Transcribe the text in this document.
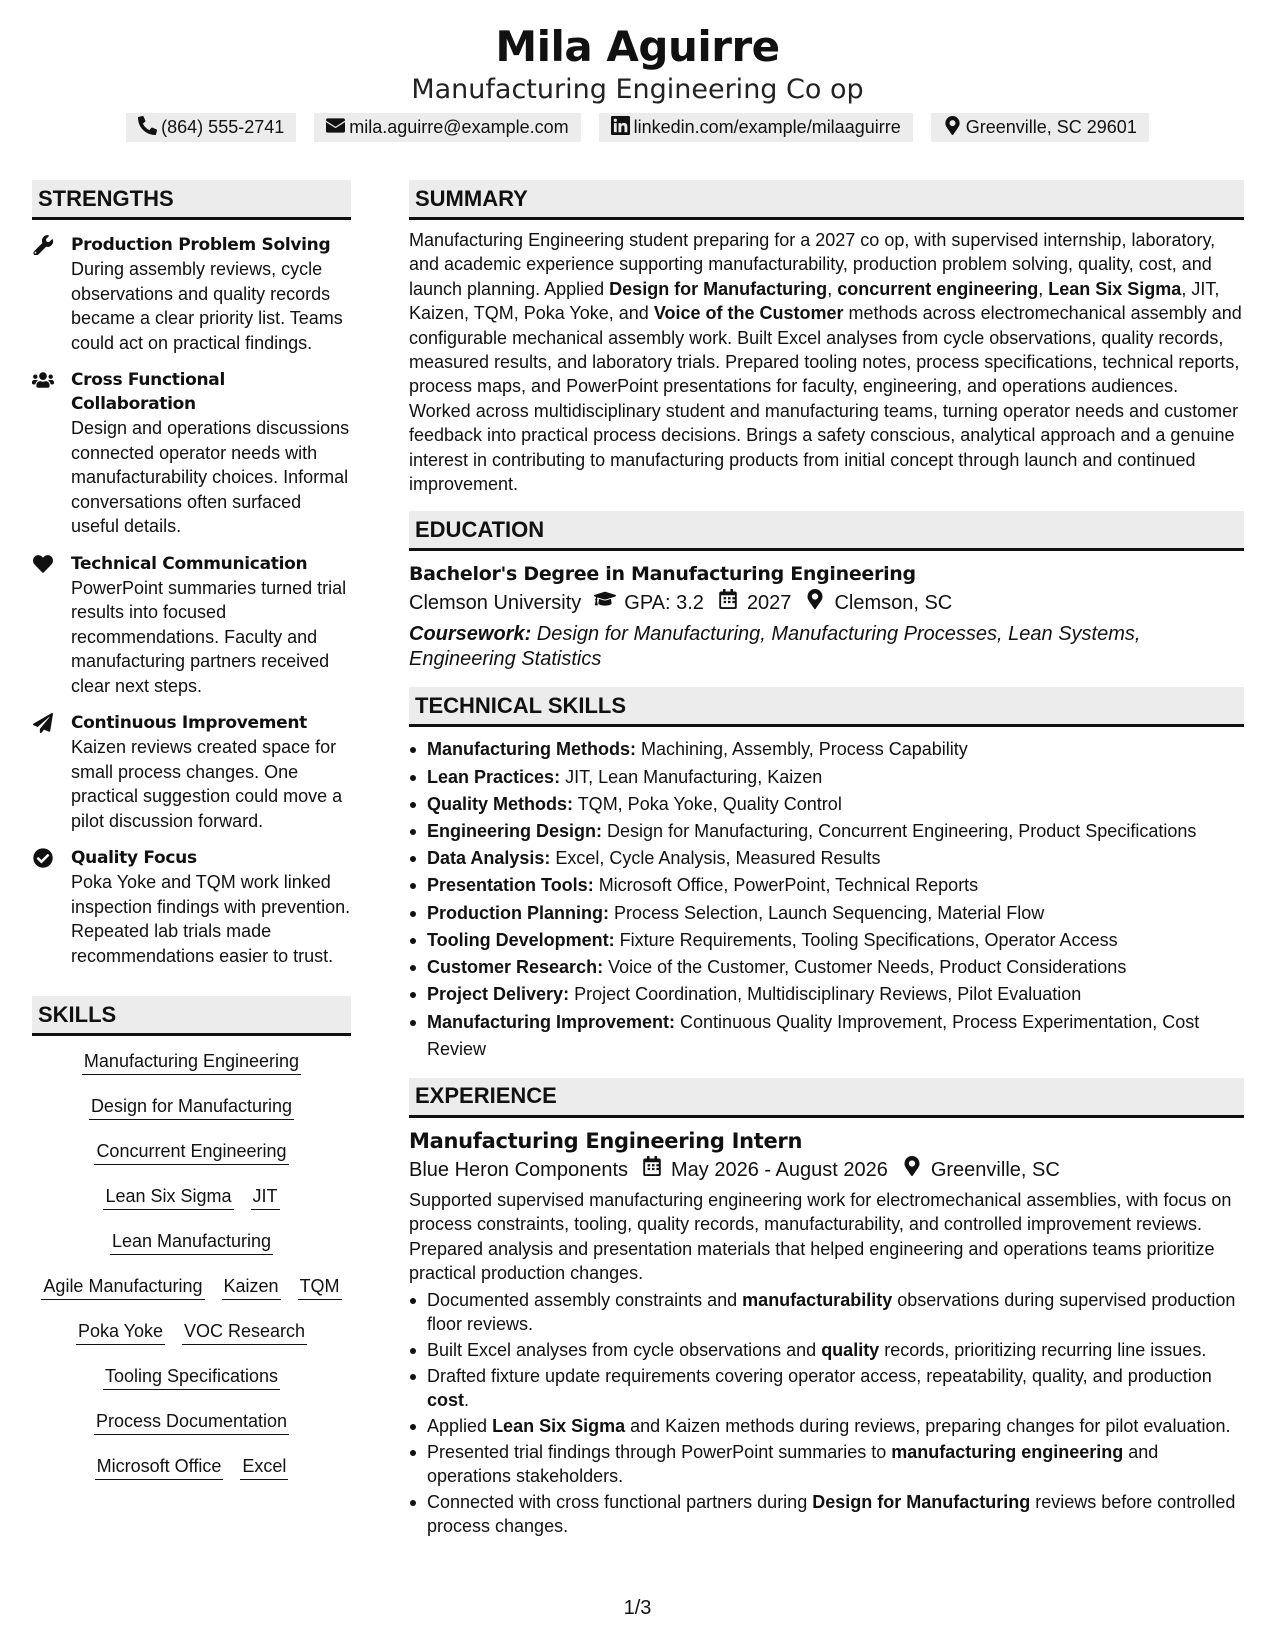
Mila Aguirre
Manufacturing Engineering Co op
(864) 555-2741	mila.aguirre@example.com	linkedin.com/example/milaaguirre	Greenville, SC 29601
STRENGTHS
Production Problem Solving
During assembly reviews, cycle observations and quality records became a clear priority list. Teams could act on practical findings.
Cross Functional Collaboration
Design and operations discussions connected operator needs with manufacturability choices. Informal conversations often surfaced useful details.
Technical Communication
PowerPoint summaries turned trial results into focused recommendations. Faculty and manufacturing partners received clear next steps.
Continuous Improvement
Kaizen reviews created space for small process changes. One practical suggestion could move a pilot discussion forward.
Quality Focus
Poka Yoke and TQM work linked inspection findings with prevention. Repeated lab trials made recommendations easier to trust.
SKILLS
Manufacturing Engineering
Design for Manufacturing
Concurrent Engineering
Lean Six Sigma JIT
Lean Manufacturing
Agile Manufacturing Kaizen TQM
Poka Yoke VOC Research
Tooling Specifications
Process Documentation
Microsoft Office Excel
SUMMARY
Manufacturing Engineering student preparing for a 2027 co op, with supervised internship, laboratory, and academic experience supporting manufacturability, production problem solving, quality, cost, and launch planning. Applied Design for Manufacturing, concurrent engineering, Lean Six Sigma, JIT, Kaizen, TQM, Poka Yoke, and Voice of the Customer methods across electromechanical assembly and configurable mechanical assembly work. Built Excel analyses from cycle observations, quality records, measured results, and laboratory trials. Prepared tooling notes, process specifications, technical reports, process maps, and PowerPoint presentations for faculty, engineering, and operations audiences. Worked across multidisciplinary student and manufacturing teams, turning operator needs and customer feedback into practical process decisions. Brings a safety conscious, analytical approach and a genuine interest in contributing to manufacturing products from initial concept through launch and continued improvement.
EDUCATION
Bachelor's Degree in Manufacturing Engineering
Clemson University GPA: 3.2 2027 Clemson, SC
Coursework: Design for Manufacturing, Manufacturing Processes, Lean Systems, Engineering Statistics
TECHNICAL SKILLS
Manufacturing Methods: Machining, Assembly, Process Capability
Lean Practices: JIT, Lean Manufacturing, Kaizen
Quality Methods: TQM, Poka Yoke, Quality Control
Engineering Design: Design for Manufacturing, Concurrent Engineering, Product Specifications
Data Analysis: Excel, Cycle Analysis, Measured Results
Presentation Tools: Microsoft Office, PowerPoint, Technical Reports
Production Planning: Process Selection, Launch Sequencing, Material Flow
Tooling Development: Fixture Requirements, Tooling Specifications, Operator Access
Customer Research: Voice of the Customer, Customer Needs, Product Considerations
Project Delivery: Project Coordination, Multidisciplinary Reviews, Pilot Evaluation
Manufacturing Improvement: Continuous Quality Improvement, Process Experimentation, Cost Review
EXPERIENCE
Manufacturing Engineering Intern
Blue Heron Components May 2026 - August 2026 Greenville, SC
Supported supervised manufacturing engineering work for electromechanical assemblies, with focus on process constraints, tooling, quality records, manufacturability, and controlled improvement reviews. Prepared analysis and presentation materials that helped engineering and operations teams prioritize practical production changes.
Documented assembly constraints and manufacturability observations during supervised production floor reviews.
Built Excel analyses from cycle observations and quality records, prioritizing recurring line issues.
Drafted fixture update requirements covering operator access, repeatability, quality, and production cost.
Applied Lean Six Sigma and Kaizen methods during reviews, preparing changes for pilot evaluation.
Presented trial findings through PowerPoint summaries to manufacturing engineering and operations stakeholders.
Connected with cross functional partners during Design for Manufacturing reviews before controlled process changes.
1/3
